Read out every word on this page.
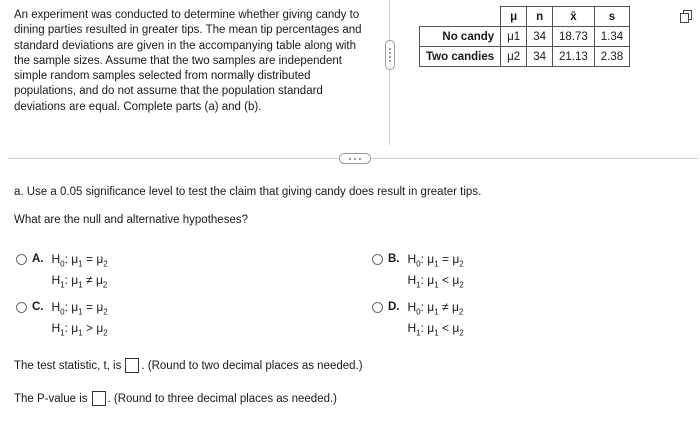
An experiment was conducted to determine whether giving candy to dining parties resulted in greater tips. The mean tip percentages and standard deviations are given in the accompanying table along with the sample sizes. Assume that the two samples are independent simple random samples selected from normally distributed populations, and do not assume that the population standard deviations are equal. Complete parts (a) and (b).
	μ	n	x̄	s
No candy	μ1	34	18.73	1.34
Two candies	μ2	34	21.13	2.38
a. Use a 0.05 significance level to test the claim that giving candy does result in greater tips.
What are the null and alternative hypotheses?
A. $H_0$: $\mu_1 = \mu_2$
$H_1$: $\mu_1 \ne \mu_2$
B. $H_0$: $\mu_1 = \mu_2$
$H_1$: $\mu_1 < \mu_2$
C. $H_0$: $\mu_1 = \mu_2$
$H_1$: $\mu_1 > \mu_2$
D. $H_0$: $\mu_1 \ne \mu_2$
$H_1$: $\mu_1 < \mu_2$
The test statistic, t, is . (Round to two decimal places as needed.)
The P-value is . (Round to three decimal places as needed.)
